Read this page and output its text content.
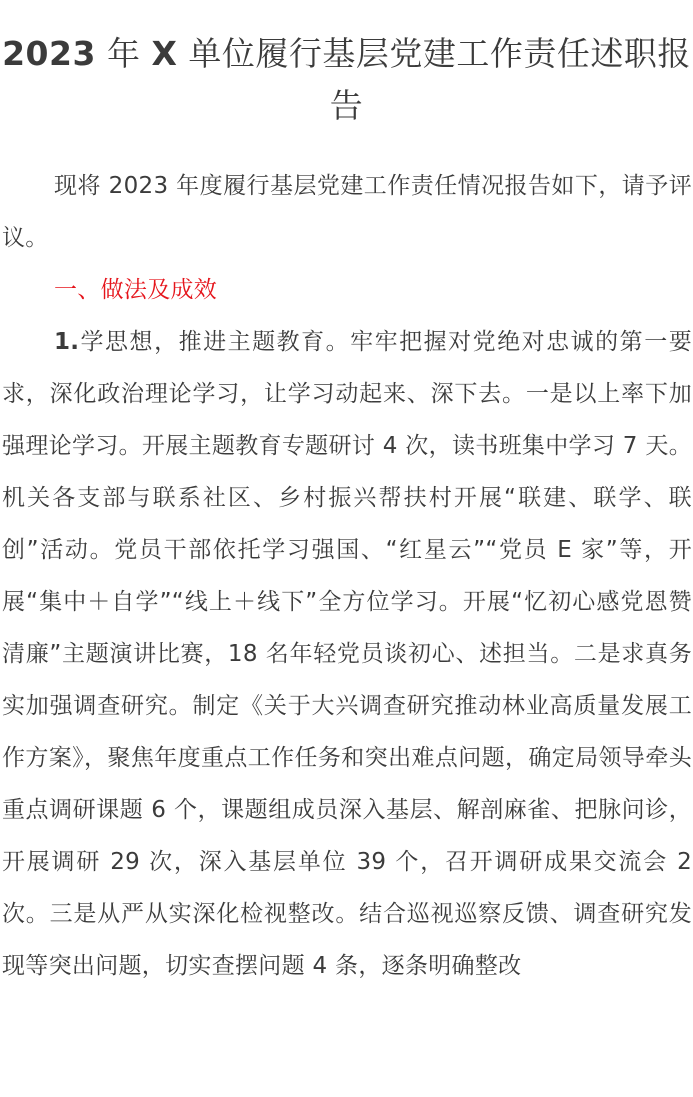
2023 年 X 单位履行基层党建工作责任述职报告

现将 2023 年度履行基层党建工作责任情况报告如下，请予评议。

一、做法及成效

1.学思想，推进主题教育。牢牢把握对党绝对忠诚的第一要求，深化政治理论学习，让学习动起来、深下去。一是以上率下加强理论学习。开展主题教育专题研讨 4 次，读书班集中学习 7 天。机关各支部与联系社区、乡村振兴帮扶村开展“联建、联学、联创”活动。党员干部依托学习强国、“红星云”“党员 E 家”等，开展“集中＋自学”“线上＋线下”全方位学习。开展“忆初心感党恩赞清廉”主题演讲比赛，18 名年轻党员谈初心、述担当。二是求真务实加强调查研究。制定《关于大兴调查研究推动林业高质量发展工作方案》，聚焦年度重点工作任务和突出难点问题，确定局领导牵头重点调研课题 6 个，课题组成员深入基层、解剖麻雀、把脉问诊，开展调研 29 次，深入基层单位 39 个，召开调研成果交流会 2 次。三是从严从实深化检视整改。结合巡视巡察反馈、调查研究发现等突出问题，切实查摆问题 4 条，逐条明确整改
